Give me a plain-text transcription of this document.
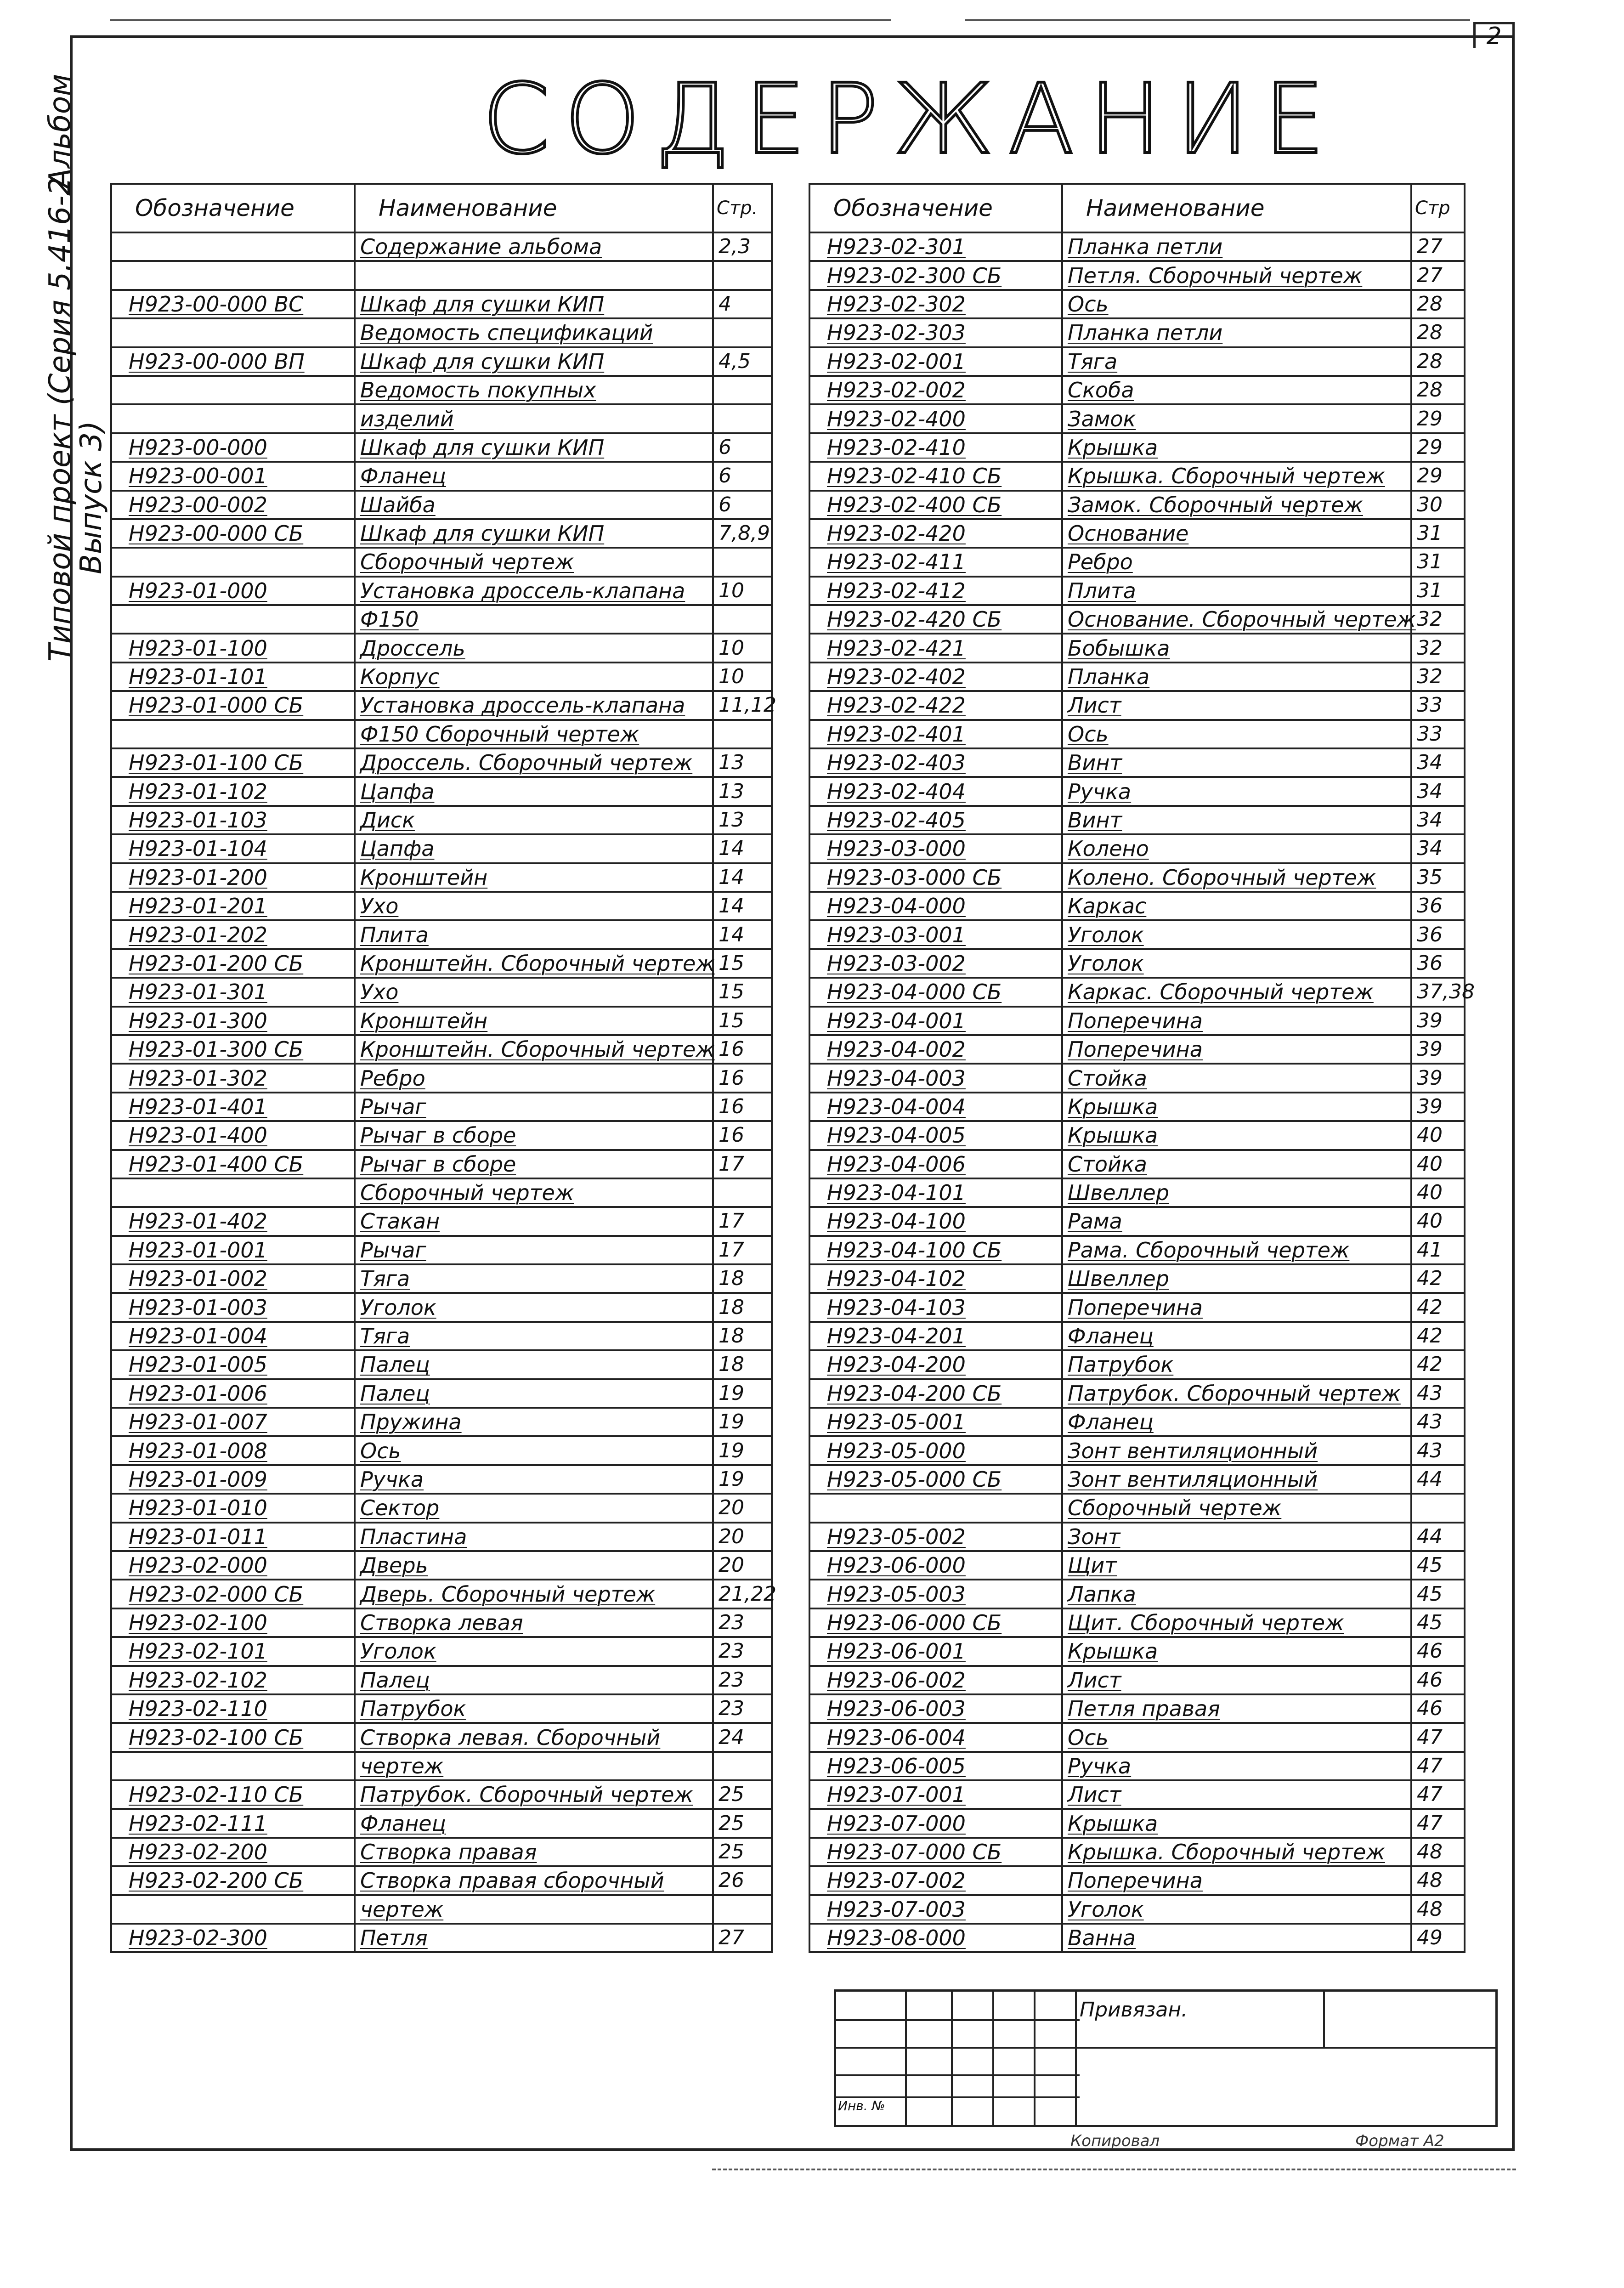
2
Альбом
Типовой проект (Серия 5.416-2
Выпуск 3)
СОДЕРЖАНИЕ
Обозначение	Наименование	Стр.
	Содержание альбома	2,3

Н923-00-000 ВС	Шкаф для сушки КИП	4
	Ведомость спецификаций	
Н923-00-000 ВП	Шкаф для сушки КИП	4,5
	Ведомость покупных	
	изделий	
Н923-00-000	Шкаф для сушки КИП	6
Н923-00-001	Фланец	6
Н923-00-002	Шайба	6
Н923-00-000 СБ	Шкаф для сушки КИП	7,8,9
	Сборочный чертеж	
Н923-01-000	Установка дроссель-клапана	10
	Ф150	
Н923-01-100	Дроссель	10
Н923-01-101	Корпус	10
Н923-01-000 СБ	Установка дроссель-клапана	11,12
	Ф150 Сборочный чертеж	
Н923-01-100 СБ	Дроссель. Сборочный чертеж	13
Н923-01-102	Цапфа	13
Н923-01-103	Диск	13
Н923-01-104	Цапфа	14
Н923-01-200	Кронштейн	14
Н923-01-201	Ухо	14
Н923-01-202	Плита	14
Н923-01-200 СБ	Кронштейн. Сборочный чертеж	15
Н923-01-301	Ухо	15
Н923-01-300	Кронштейн	15
Н923-01-300 СБ	Кронштейн. Сборочный чертеж	16
Н923-01-302	Ребро	16
Н923-01-401	Рычаг	16
Н923-01-400	Рычаг в сборе	16
Н923-01-400 СБ	Рычаг в сборе	17
	Сборочный чертеж	
Н923-01-402	Стакан	17
Н923-01-001	Рычаг	17
Н923-01-002	Тяга	18
Н923-01-003	Уголок	18
Н923-01-004	Тяга	18
Н923-01-005	Палец	18
Н923-01-006	Палец	19
Н923-01-007	Пружина	19
Н923-01-008	Ось	19
Н923-01-009	Ручка	19
Н923-01-010	Сектор	20
Н923-01-011	Пластина	20
Н923-02-000	Дверь	20
Н923-02-000 СБ	Дверь. Сборочный чертеж	21,22
Н923-02-100	Створка левая	23
Н923-02-101	Уголок	23
Н923-02-102	Палец	23
Н923-02-110	Патрубок	23
Н923-02-100 СБ	Створка левая. Сборочный	24
	чертеж	
Н923-02-110 СБ	Патрубок. Сборочный чертеж	25
Н923-02-111	Фланец	25
Н923-02-200	Створка правая	25
Н923-02-200 СБ	Створка правая сборочный	26
	чертеж	
Н923-02-300	Петля	27
Обозначение	Наименование	Стр
Н923-02-301	Планка петли	27
Н923-02-300 СБ	Петля. Сборочный чертеж	27
Н923-02-302	Ось	28
Н923-02-303	Планка петли	28
Н923-02-001	Тяга	28
Н923-02-002	Скоба	28
Н923-02-400	Замок	29
Н923-02-410	Крышка	29
Н923-02-410 СБ	Крышка. Сборочный чертеж	29
Н923-02-400 СБ	Замок. Сборочный чертеж	30
Н923-02-420	Основание	31
Н923-02-411	Ребро	31
Н923-02-412	Плита	31
Н923-02-420 СБ	Основание. Сборочный чертеж	32
Н923-02-421	Бобышка	32
Н923-02-402	Планка	32
Н923-02-422	Лист	33
Н923-02-401	Ось	33
Н923-02-403	Винт	34
Н923-02-404	Ручка	34
Н923-02-405	Винт	34
Н923-03-000	Колено	34
Н923-03-000 СБ	Колено. Сборочный чертеж	35
Н923-04-000	Каркас	36
Н923-03-001	Уголок	36
Н923-03-002	Уголок	36
Н923-04-000 СБ	Каркас. Сборочный чертеж	37,38
Н923-04-001	Поперечина	39
Н923-04-002	Поперечина	39
Н923-04-003	Стойка	39
Н923-04-004	Крышка	39
Н923-04-005	Крышка	40
Н923-04-006	Стойка	40
Н923-04-101	Швеллер	40
Н923-04-100	Рама	40
Н923-04-100 СБ	Рама. Сборочный чертеж	41
Н923-04-102	Швеллер	42
Н923-04-103	Поперечина	42
Н923-04-201	Фланец	42
Н923-04-200	Патрубок	42
Н923-04-200 СБ	Патрубок. Сборочный чертеж	43
Н923-05-001	Фланец	43
Н923-05-000	Зонт вентиляционный	43
Н923-05-000 СБ	Зонт вентиляционный	44
	Сборочный чертеж	
Н923-05-002	Зонт	44
Н923-06-000	Щит	45
Н923-05-003	Лапка	45
Н923-06-000 СБ	Щит. Сборочный чертеж	45
Н923-06-001	Крышка	46
Н923-06-002	Лист	46
Н923-06-003	Петля правая	46
Н923-06-004	Ось	47
Н923-06-005	Ручка	47
Н923-07-001	Лист	47
Н923-07-000	Крышка	47
Н923-07-000 СБ	Крышка. Сборочный чертеж	48
Н923-07-002	Поперечина	48
Н923-07-003	Уголок	48
Н923-08-000	Ванна	49
Привязан.
Инв. №
Копировал	Формат А2
